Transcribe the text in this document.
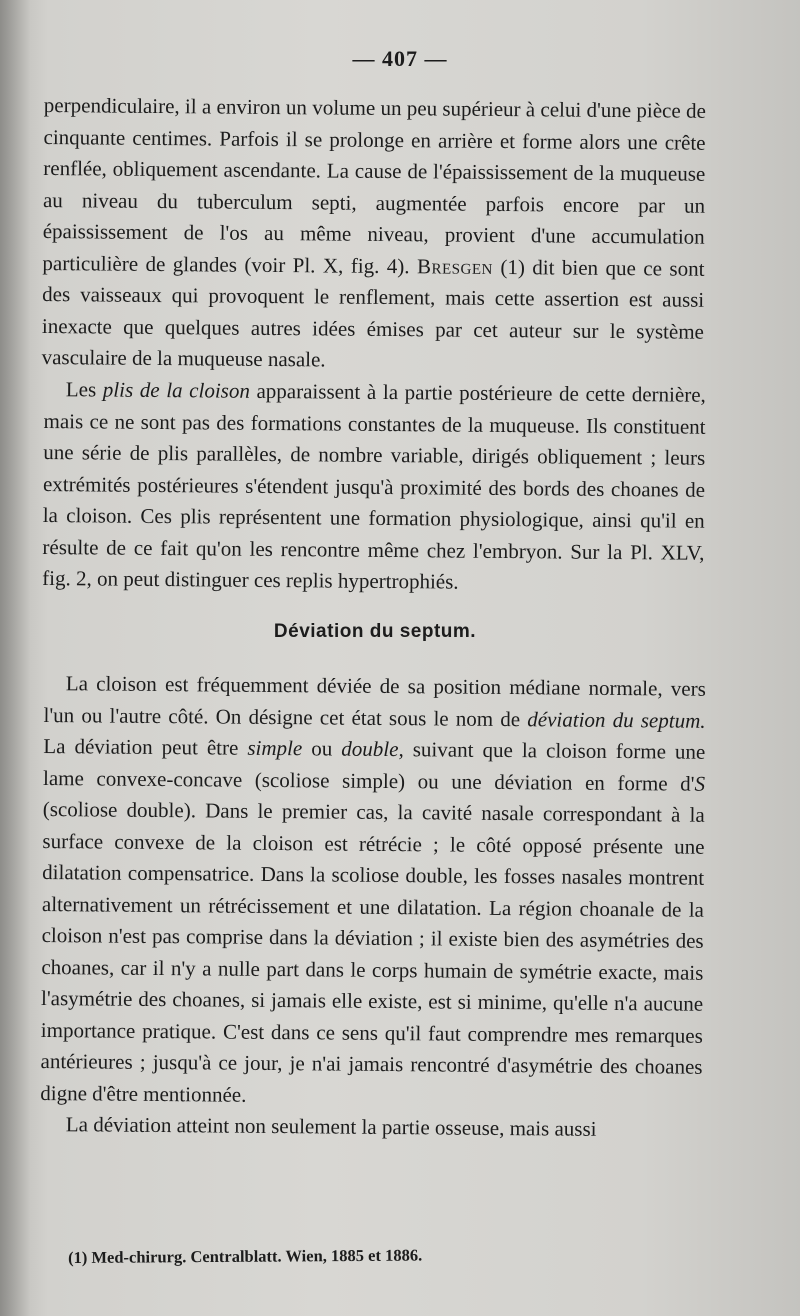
— 407 —

perpendiculaire, il a environ un volume un peu supérieur à celui d'une pièce de cinquante centimes. Parfois il se prolonge en arrière et forme alors une crête renflée, obliquement ascendante. La cause de l'épaississement de la muqueuse au niveau du tuberculum septi, augmentée parfois encore par un épaississement de l'os au même niveau, provient d'une accumulation particulière de glandes (voir Pl. X, fig. 4). Bresgen (1) dit bien que ce sont des vaisseaux qui provoquent le renflement, mais cette assertion est aussi inexacte que quelques autres idées émises par cet auteur sur le système vasculaire de la muqueuse nasale.

Les plis de la cloison apparaissent à la partie postérieure de cette dernière, mais ce ne sont pas des formations constantes de la muqueuse. Ils constituent une série de plis parallèles, de nombre variable, dirigés obliquement ; leurs extrémités postérieures s'étendent jusqu'à proximité des bords des choanes de la cloison. Ces plis représentent une formation physiologique, ainsi qu'il en résulte de ce fait qu'on les rencontre même chez l'embryon. Sur la Pl. XLV, fig. 2, on peut distinguer ces replis hypertrophiés.

Déviation du septum.

La cloison est fréquemment déviée de sa position médiane normale, vers l'un ou l'autre côté. On désigne cet état sous le nom de déviation du septum. La déviation peut être simple ou double, suivant que la cloison forme une lame convexe-concave (scoliose simple) ou une déviation en forme d'S (scoliose double). Dans le premier cas, la cavité nasale correspondant à la surface convexe de la cloison est rétrécie ; le côté opposé présente une dilatation compensatrice. Dans la scoliose double, les fosses nasales montrent alternativement un rétrécissement et une dilatation. La région choanale de la cloison n'est pas comprise dans la déviation ; il existe bien des asymétries des choanes, car il n'y a nulle part dans le corps humain de symétrie exacte, mais l'asymétrie des choanes, si jamais elle existe, est si minime, qu'elle n'a aucune importance pratique. C'est dans ce sens qu'il faut comprendre mes remarques antérieures ; jusqu'à ce jour, je n'ai jamais rencontré d'asymétrie des choanes digne d'être mentionnée.

La déviation atteint non seulement la partie osseuse, mais aussi

(1) Med-chirurg. Centralblatt. Wien, 1885 et 1886.
